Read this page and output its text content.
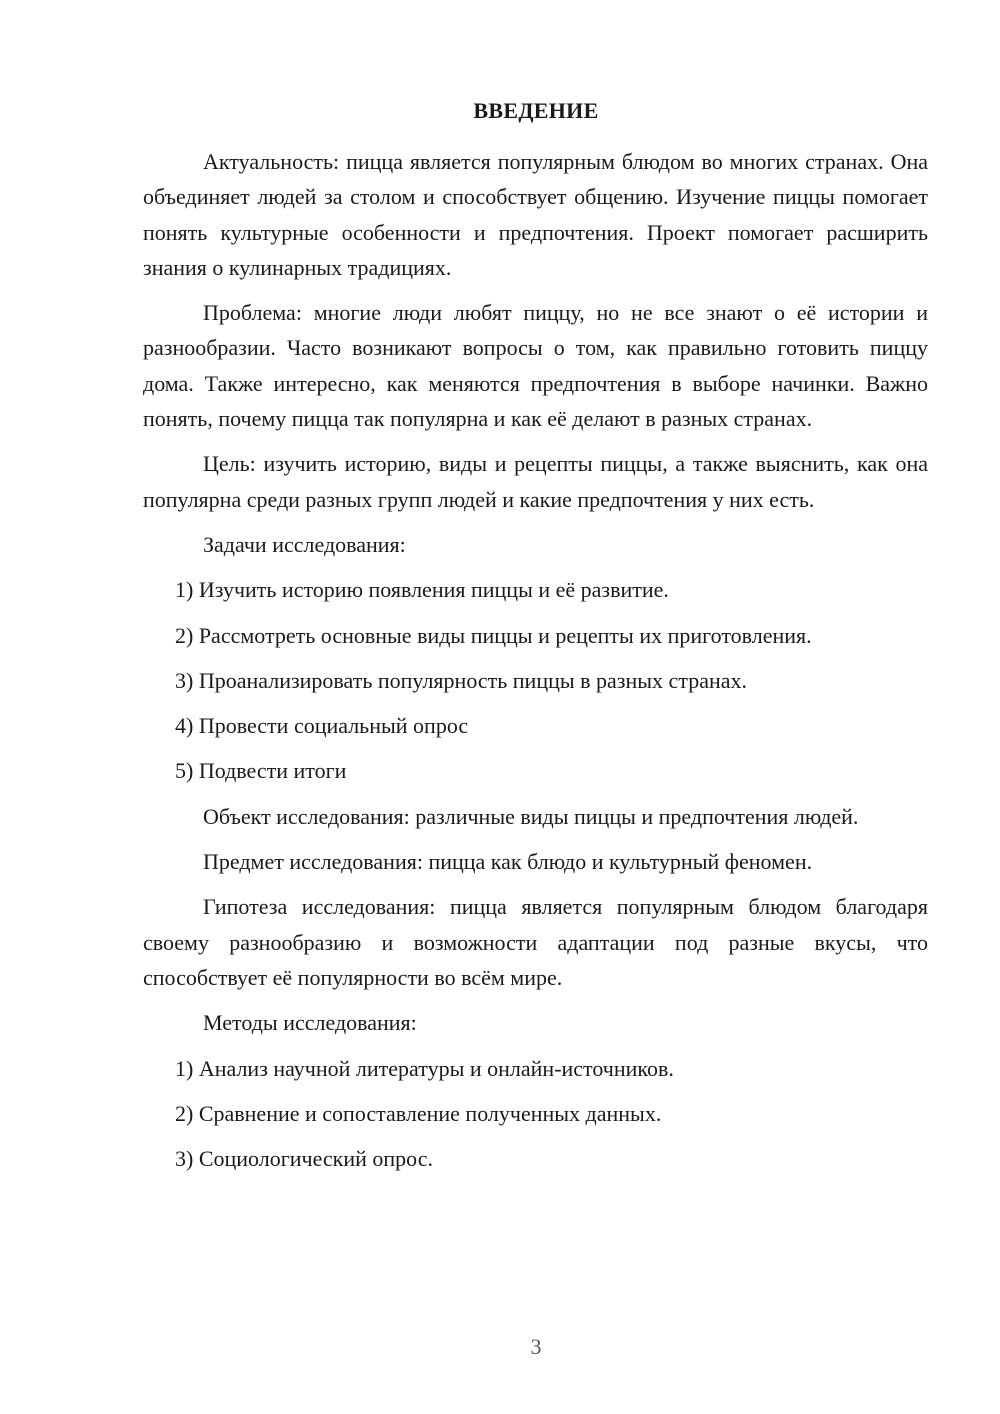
ВВЕДЕНИЕ

Актуальность: пицца является популярным блюдом во многих странах. Она объединяет людей за столом и способствует общению. Изучение пиццы помогает понять культурные особенности и предпочтения. Проект помогает расширить знания о кулинарных традициях.

Проблема: многие люди любят пиццу, но не все знают о её истории и разнообразии. Часто возникают вопросы о том, как правильно готовить пиццу дома. Также интересно, как меняются предпочтения в выборе начинки. Важно понять, почему пицца так популярна и как её делают в разных странах.

Цель: изучить историю, виды и рецепты пиццы, а также выяснить, как она популярна среди разных групп людей и какие предпочтения у них есть.

Задачи исследования:

1) Изучить историю появления пиццы и её развитие.

2) Рассмотреть основные виды пиццы и рецепты их приготовления.

3) Проанализировать популярность пиццы в разных странах.

4) Провести социальный опрос

5) Подвести итоги

Объект исследования: различные виды пиццы и предпочтения людей.

Предмет исследования: пицца как блюдо и культурный феномен.

Гипотеза исследования: пицца является популярным блюдом благодаря своему разнообразию и возможности адаптации под разные вкусы, что способствует её популярности во всём мире.

Методы исследования:

1) Анализ научной литературы и онлайн-источников.

2) Сравнение и сопоставление полученных данных.

3) Социологический опрос.

3
